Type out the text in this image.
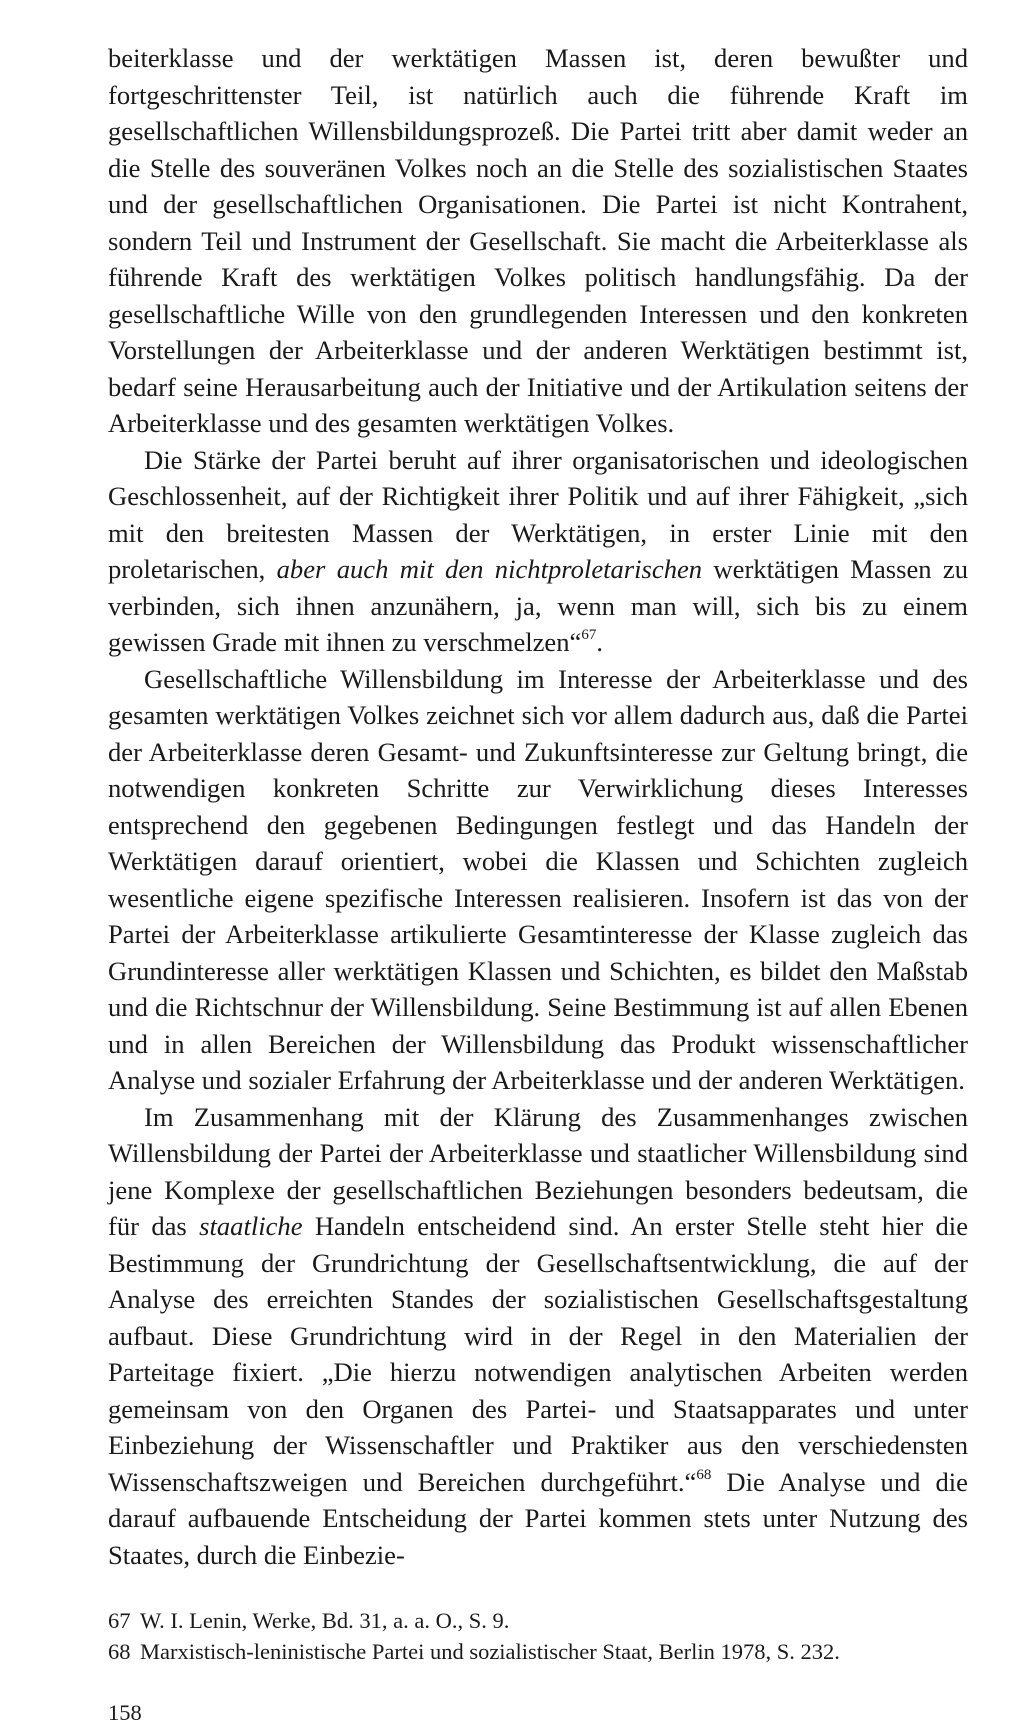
beiterklasse und der werktätigen Massen ist, deren bewußter und fortgeschrittenster Teil, ist natürlich auch die führende Kraft im gesellschaftlichen Willensbildungsprozeß. Die Partei tritt aber damit weder an die Stelle des souveränen Volkes noch an die Stelle des sozialistischen Staates und der gesellschaftlichen Organisationen. Die Partei ist nicht Kontrahent, sondern Teil und Instrument der Gesellschaft. Sie macht die Arbeiterklasse als führende Kraft des werktätigen Volkes politisch handlungsfähig. Da der gesellschaftliche Wille von den grundlegenden Interessen und den konkreten Vorstellungen der Arbeiterklasse und der anderen Werktätigen bestimmt ist, bedarf seine Herausarbeitung auch der Initiative und der Artikulation seitens der Arbeiterklasse und des gesamten werktätigen Volkes.

Die Stärke der Partei beruht auf ihrer organisatorischen und ideologischen Geschlossenheit, auf der Richtigkeit ihrer Politik und auf ihrer Fähigkeit, „sich mit den breitesten Massen der Werktätigen, in erster Linie mit den proletarischen, aber auch mit den nichtproletarischen werktätigen Massen zu verbinden, sich ihnen anzunähern, ja, wenn man will, sich bis zu einem gewissen Grade mit ihnen zu verschmelzen“$^{67}$.

Gesellschaftliche Willensbildung im Interesse der Arbeiterklasse und des gesamten werktätigen Volkes zeichnet sich vor allem dadurch aus, daß die Partei der Arbeiterklasse deren Gesamt- und Zukunftsinteresse zur Geltung bringt, die notwendigen konkreten Schritte zur Verwirklichung dieses Interesses entsprechend den gegebenen Bedingungen festlegt und das Handeln der Werktätigen darauf orientiert, wobei die Klassen und Schichten zugleich wesentliche eigene spezifische Interessen realisieren. Insofern ist das von der Partei der Arbeiterklasse artikulierte Gesamtinteresse der Klasse zugleich das Grundinteresse aller werktätigen Klassen und Schichten, es bildet den Maßstab und die Richtschnur der Willensbildung. Seine Bestimmung ist auf allen Ebenen und in allen Bereichen der Willensbildung das Produkt wissenschaftlicher Analyse und sozialer Erfahrung der Arbeiterklasse und der anderen Werktätigen.

Im Zusammenhang mit der Klärung des Zusammenhanges zwischen Willensbildung der Partei der Arbeiterklasse und staatlicher Willensbildung sind jene Komplexe der gesellschaftlichen Beziehungen besonders bedeutsam, die für das staatliche Handeln entscheidend sind. An erster Stelle steht hier die Bestimmung der Grundrichtung der Gesellschaftsentwicklung, die auf der Analyse des erreichten Standes der sozialistischen Gesellschaftsgestaltung aufbaut. Diese Grundrichtung wird in der Regel in den Materialien der Parteitage fixiert. „Die hierzu notwendigen analytischen Arbeiten werden gemeinsam von den Organen des Partei- und Staatsapparates und unter Einbeziehung der Wissenschaftler und Praktiker aus den verschiedensten Wissenschaftszweigen und Bereichen durchgeführt.“$^{68}$ Die Analyse und die darauf aufbauende Entscheidung der Partei kommen stets unter Nutzung des Staates, durch die Einbezie-

67 W. I. Lenin, Werke, Bd. 31, a. a. O., S. 9.
68 Marxistisch-leninistische Partei und sozialistischer Staat, Berlin 1978, S. 232.
158
